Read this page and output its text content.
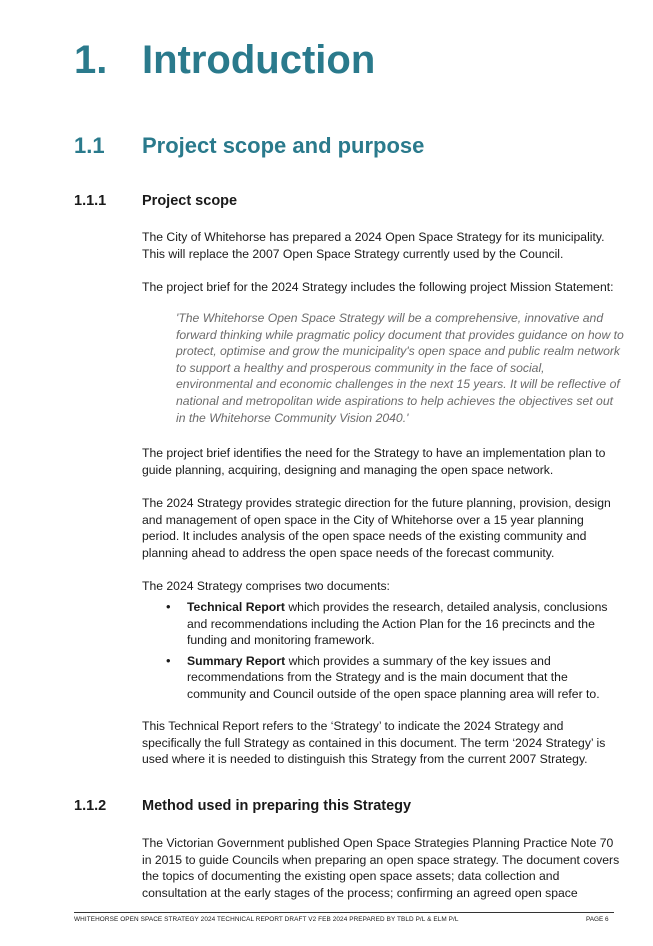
1. Introduction
1.1 Project scope and purpose
1.1.1 Project scope

The City of Whitehorse has prepared a 2024 Open Space Strategy for its municipality. This will replace the 2007 Open Space Strategy currently used by the Council.

The project brief for the 2024 Strategy includes the following project Mission Statement:

'The Whitehorse Open Space Strategy will be a comprehensive, innovative and forward thinking while pragmatic policy document that provides guidance on how to protect, optimise and grow the municipality's open space and public realm network to support a healthy and prosperous community in the face of social, environmental and economic challenges in the next 15 years. It will be reflective of national and metropolitan wide aspirations to help achieves the objectives set out in the Whitehorse Community Vision 2040.'

The project brief identifies the need for the Strategy to have an implementation plan to guide planning, acquiring, designing and managing the open space network.

The 2024 Strategy provides strategic direction for the future planning, provision, design and management of open space in the City of Whitehorse over a 15 year planning period. It includes analysis of the open space needs of the existing community and planning ahead to address the open space needs of the forecast community.

The 2024 Strategy comprises two documents:

• Technical Report which provides the research, detailed analysis, conclusions and recommendations including the Action Plan for the 16 precincts and the funding and monitoring framework.
• Summary Report which provides a summary of the key issues and recommendations from the Strategy and is the main document that the community and Council outside of the open space planning area will refer to.

This Technical Report refers to the ‘Strategy’ to indicate the 2024 Strategy and specifically the full Strategy as contained in this document. The term ‘2024 Strategy’ is used where it is needed to distinguish this Strategy from the current 2007 Strategy.

1.1.2 Method used in preparing this Strategy

The Victorian Government published Open Space Strategies Planning Practice Note 70 in 2015 to guide Councils when preparing an open space strategy. The document covers the topics of documenting the existing open space assets; data collection and consultation at the early stages of the process; confirming an agreed open space

WHITEHORSE OPEN SPACE STRATEGY 2024 TECHNICAL REPORT DRAFT V2 FEB 2024 PREPARED BY TBLD P/L & ELM P/L	PAGE 6
